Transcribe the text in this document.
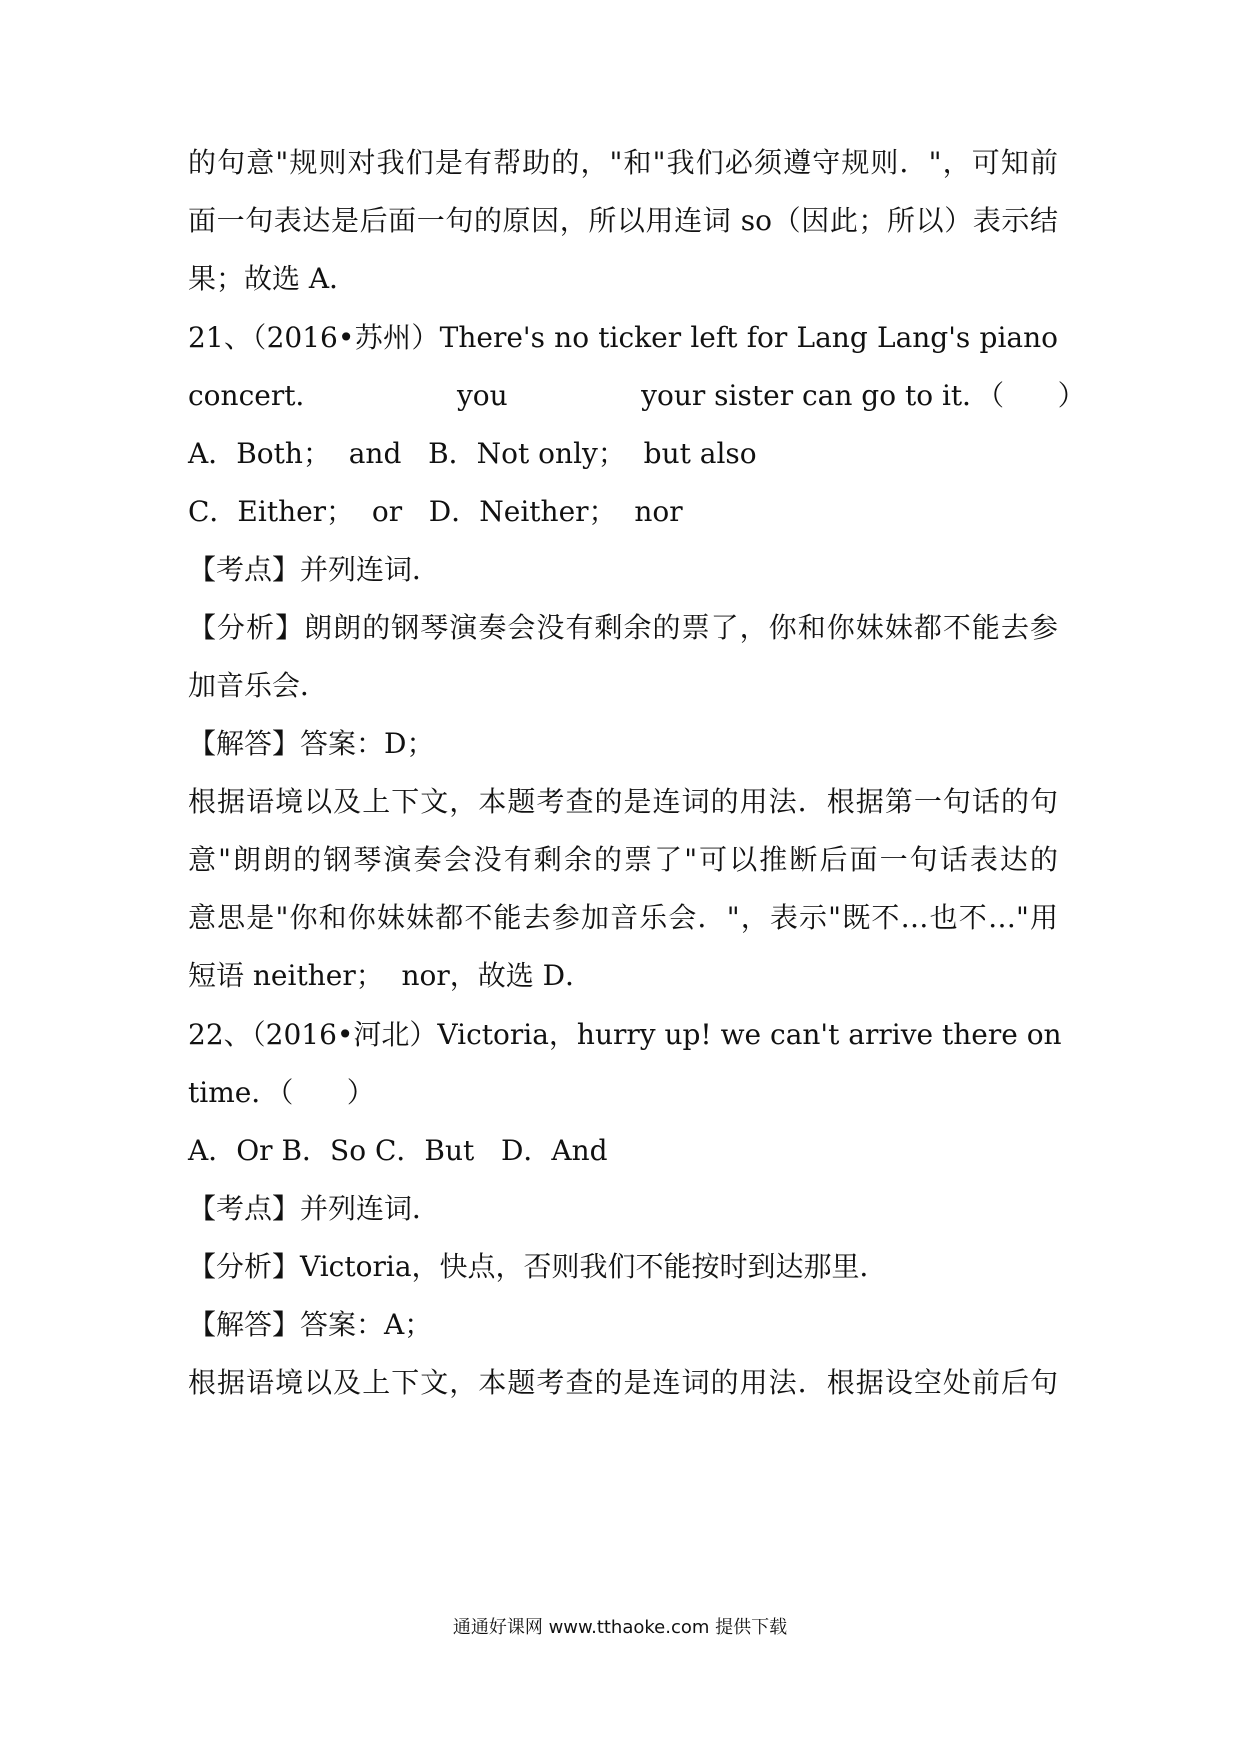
的句意"规则对我们是有帮助的，"和"我们必须遵守规则．"，可知前
面一句表达是后面一句的原因，所以用连词 so（因此；所以）表示结
果；故选 A．
21、（2016•苏州）There's no ticker left for Lang Lang's piano
concert．               you               your sister can go to it．（      ）
A．Both；  and   B．Not only；  but also
C．Either；  or   D．Neither；  nor
【考点】并列连词．
【分析】朗朗的钢琴演奏会没有剩余的票了，你和你妹妹都不能去参
加音乐会．
【解答】答案：D；
根据语境以及上下文，本题考查的是连词的用法．根据第一句话的句
意"朗朗的钢琴演奏会没有剩余的票了"可以推断后面一句话表达的
意思是"你和你妹妹都不能去参加音乐会．"，表示"既不…也不…"用
短语 neither；  nor，故选 D．
22、（2016•河北）Victoria，hurry up! we can't arrive there on
time．（      ）
A．Or B．So C．But   D．And
【考点】并列连词．
【分析】Victoria，快点，否则我们不能按时到达那里．
【解答】答案：A；
根据语境以及上下文，本题考查的是连词的用法．根据设空处前后句
通通好课网 www.tthaoke.com 提供下载
